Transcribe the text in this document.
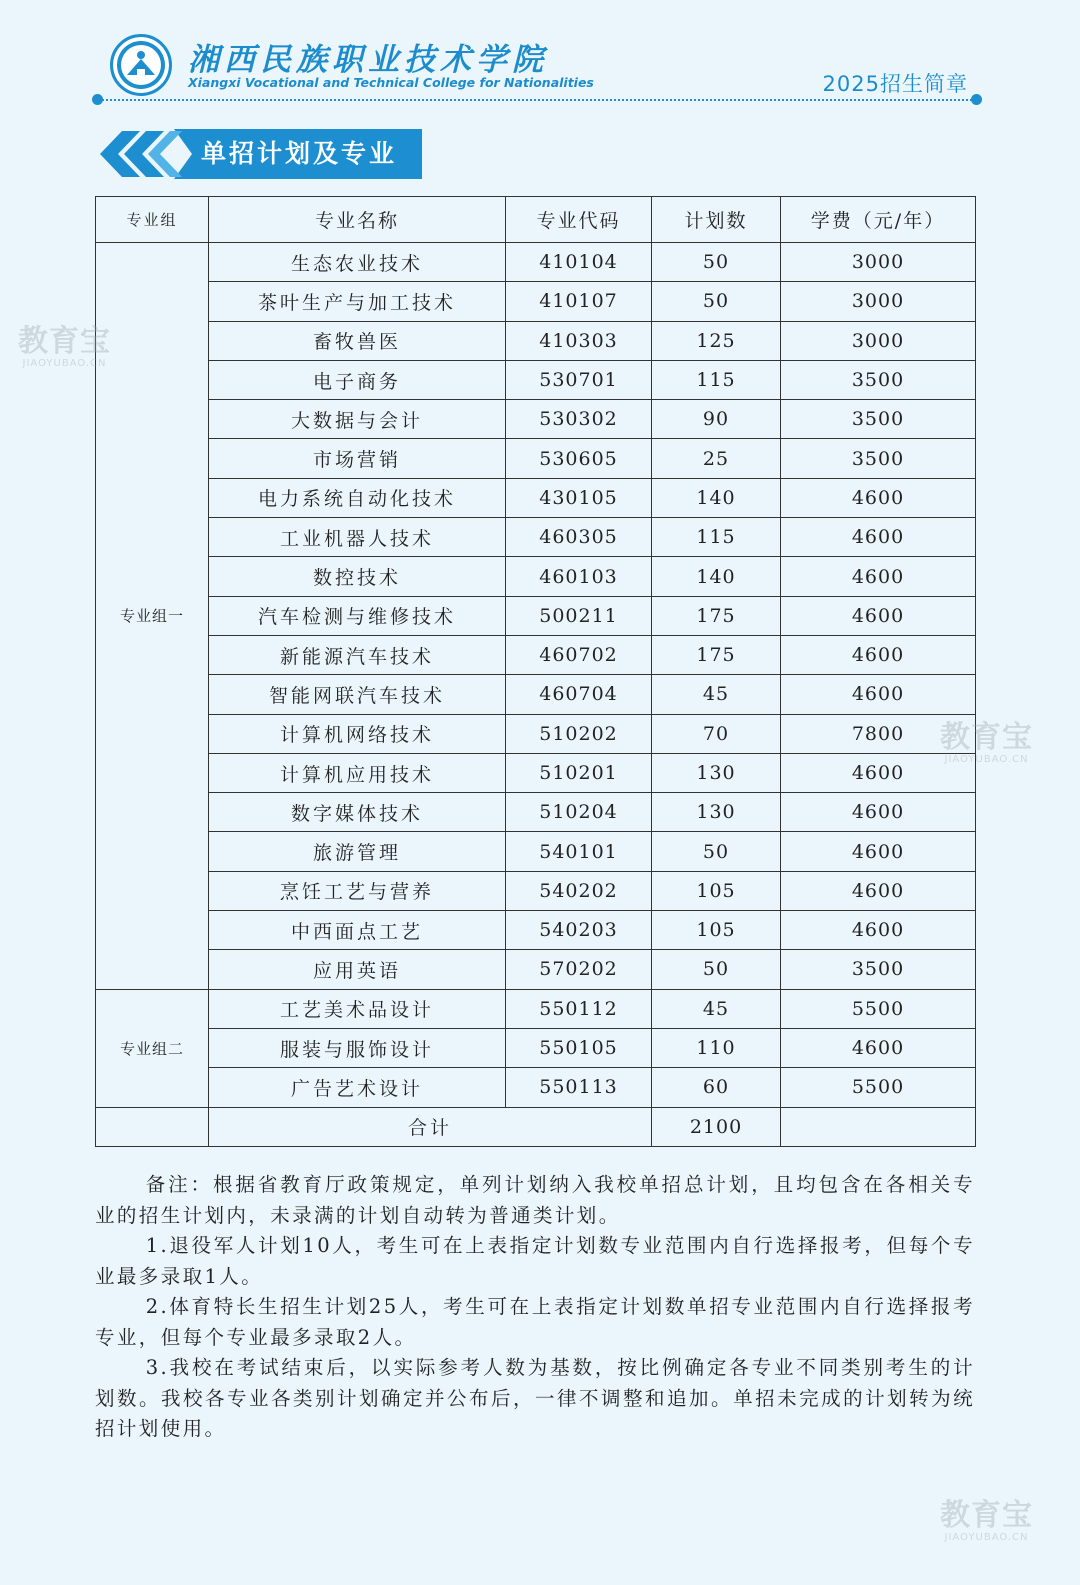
湘西民族职业技术学院
Xiangxi Vocational and Technical College for Nationalities	2025招生简章
单招计划及专业
专业组	专业名称	专业代码	计划数	学费（元/年）
专业组一	生态农业技术	410104	50	3000
	茶叶生产与加工技术	410107	50	3000
	畜牧兽医	410303	125	3000
	电子商务	530701	115	3500
	大数据与会计	530302	90	3500
	市场营销	530605	25	3500
	电力系统自动化技术	430105	140	4600
	工业机器人技术	460305	115	4600
	数控技术	460103	140	4600
	汽车检测与维修技术	500211	175	4600
	新能源汽车技术	460702	175	4600
	智能网联汽车技术	460704	45	4600
	计算机网络技术	510202	70	7800
	计算机应用技术	510201	130	4600
	数字媒体技术	510204	130	4600
	旅游管理	540101	50	4600
	烹饪工艺与营养	540202	105	4600
	中西面点工艺	540203	105	4600
	应用英语	570202	50	3500
专业组二	工艺美术品设计	550112	45	5500
	服装与服饰设计	550105	110	4600
	广告艺术设计	550113	60	5500
	合计		2100	

备注：根据省教育厅政策规定，单列计划纳入我校单招总计划，且均包含在各相关专业的招生计划内，未录满的计划自动转为普通类计划。

1.退役军人计划10人，考生可在上表指定计划数专业范围内自行选择报考，但每个专业最多录取1人。

2.体育特长生招生计划25人，考生可在上表指定计划数单招专业范围内自行选择报考专业，但每个专业最多录取2人。

3.我校在考试结束后，以实际参考人数为基数，按比例确定各专业不同类别考生的计划数。我校各专业各类别计划确定并公布后，一律不调整和追加。单招未完成的计划转为统招计划使用。

教育宝
JIAOYUBAO.CN
教育宝
JIAOYUBAO.CN
教育宝
JIAOYUBAO.CN
